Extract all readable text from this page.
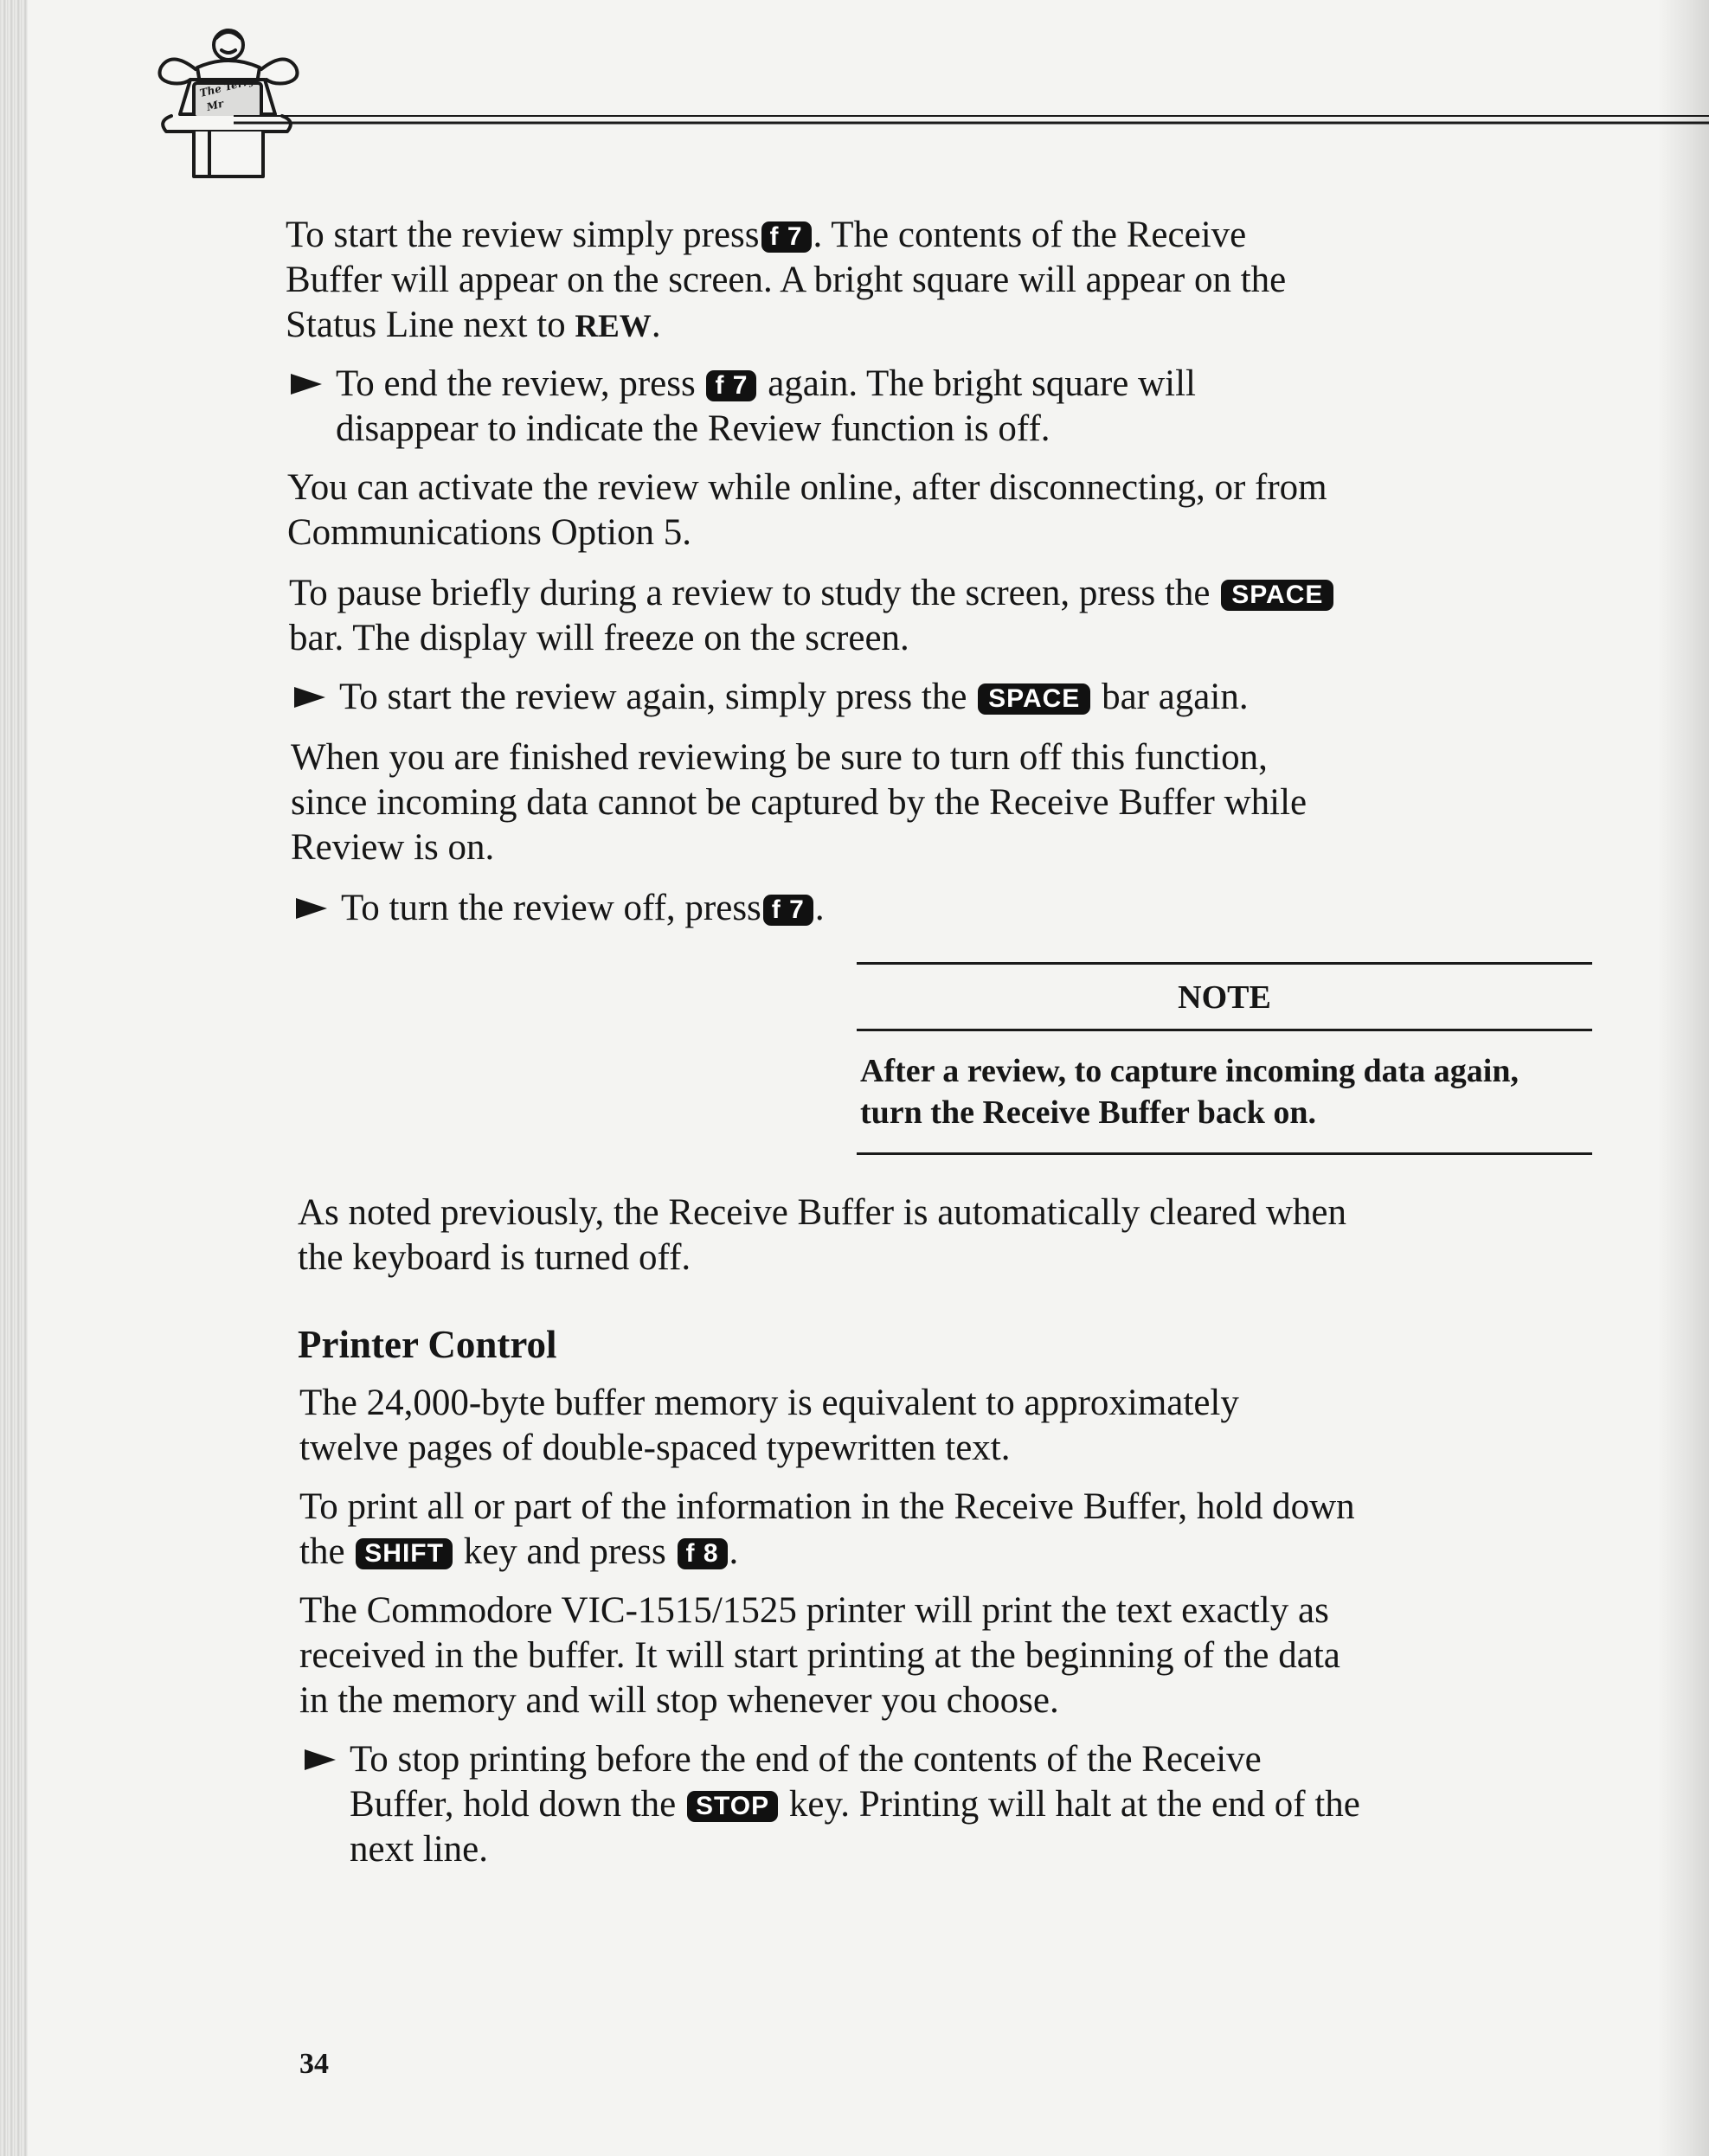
The Terry
Mr

To start the review simply press f 7 . The contents of the Receive

Buffer will appear on the screen. A bright square will appear on the

Status Line next to REW.

To end the review, press f 7 again. The bright square will
disappear to indicate the Review function is off.

You can activate the review while online, after disconnecting, or from

Communications Option 5.

To pause briefly during a review to study the screen, press the SPACE

bar. The display will freeze on the screen.

To start the review again, simply press the SPACE bar again.

When you are finished reviewing be sure to turn off this function,

since incoming data cannot be captured by the Receive Buffer while

Review is on.

To turn the review off, press f 7 .
NOTE
After a review, to capture incoming data again,
turn the Receive Buffer back on.

As noted previously, the Receive Buffer is automatically cleared when

the keyboard is turned off.

Printer Control

The 24,000-byte buffer memory is equivalent to approximately

twelve pages of double-spaced typewritten text.

To print all or part of the information in the Receive Buffer, hold down

the SHIFT key and press f 8 .

The Commodore VIC-1515/1525 printer will print the text exactly as

received in the buffer. It will start printing at the beginning of the data

in the memory and will stop whenever you choose.

To stop printing before the end of the contents of the Receive
Buffer, hold down the STOP key. Printing will halt at the end of the
next line.
34
